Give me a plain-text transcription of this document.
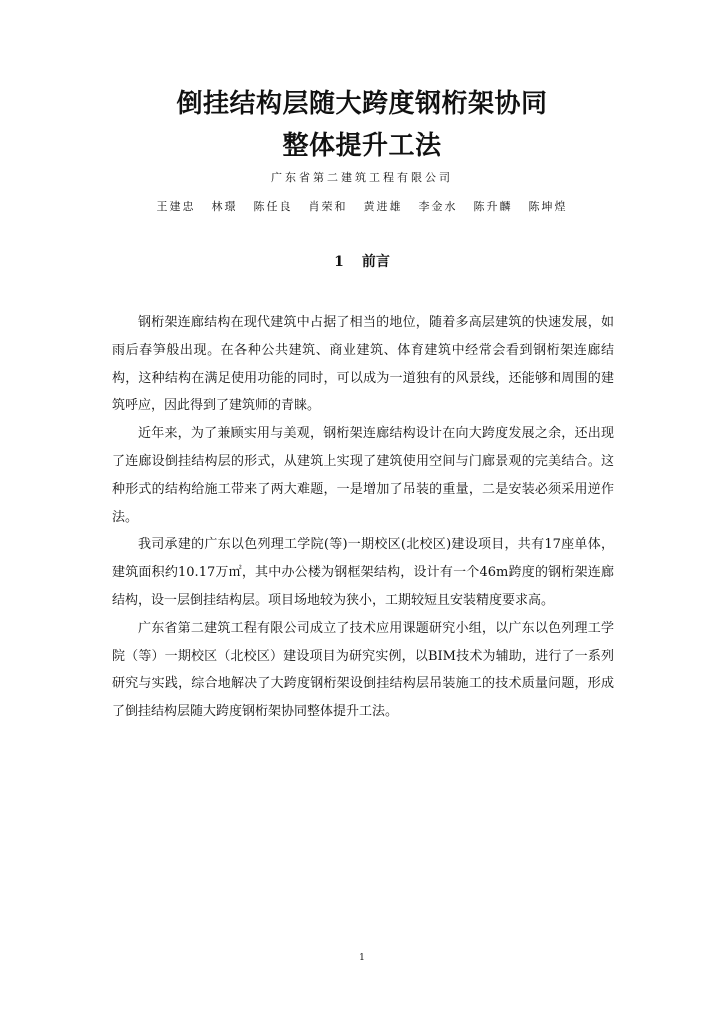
倒挂结构层随大跨度钢桁架协同
整体提升工法
广东省第二建筑工程有限公司
王建忠 林璟 陈任良 肖荣和 黄进雄 李金水 陈升麟 陈坤煌
1 前言

钢桁架连廊结构在现代建筑中占据了相当的地位，随着多高层建筑的快速发展，如雨后春笋般出现。在各种公共建筑、商业建筑、体育建筑中经常会看到钢桁架连廊结构，这种结构在满足使用功能的同时，可以成为一道独有的风景线，还能够和周围的建筑呼应，因此得到了建筑师的青睐。

近年来，为了兼顾实用与美观，钢桁架连廊结构设计在向大跨度发展之余，还出现了连廊设倒挂结构层的形式，从建筑上实现了建筑使用空间与门廊景观的完美结合。这种形式的结构给施工带来了两大难题，一是增加了吊装的重量，二是安装必须采用逆作法。

我司承建的广东以色列理工学院(等)一期校区(北校区)建设项目，共有17座单体，建筑面积约10.17万㎡，其中办公楼为钢框架结构，设计有一个46m跨度的钢桁架连廊结构，设一层倒挂结构层。项目场地较为狭小，工期较短且安装精度要求高。

广东省第二建筑工程有限公司成立了技术应用课题研究小组，以广东以色列理工学院（等）一期校区（北校区）建设项目为研究实例，以BIM技术为辅助，进行了一系列研究与实践，综合地解决了大跨度钢桁架设倒挂结构层吊装施工的技术质量问题，形成了倒挂结构层随大跨度钢桁架协同整体提升工法。

1
